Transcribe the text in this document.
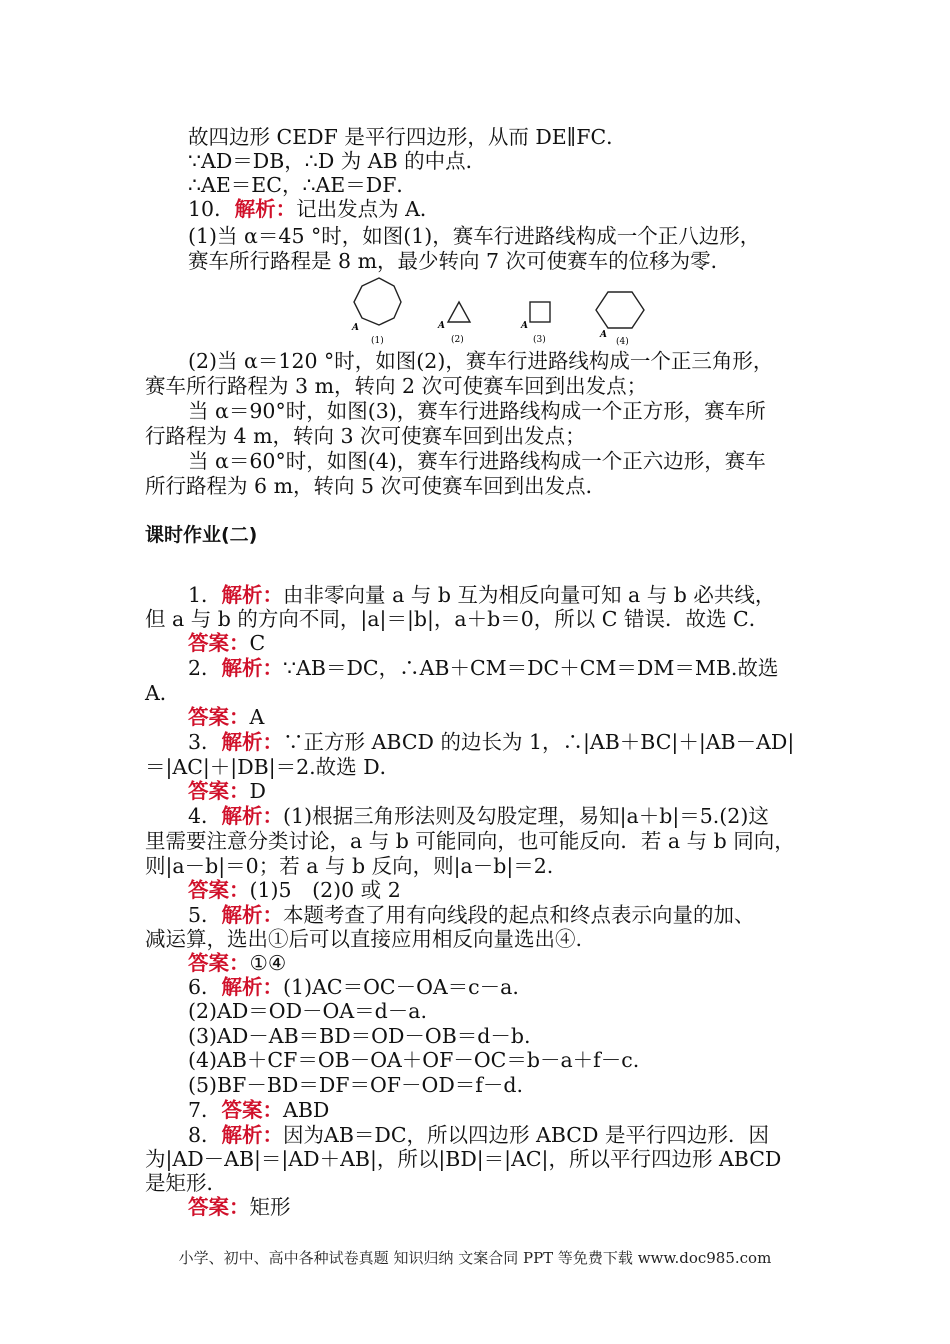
故四边形 CEDF 是平行四边形，从而 DE∥FC．
∵AD＝DB，∴D 为 AB 的中点．
∴AE＝EC，∴AE＝DF．
10．解析：记出发点为 A．
(1)当 α＝45 °时，如图(1)，赛车行进路线构成一个正八边形，
赛车所行路程是 8 m，最少转向 7 次可使赛车的位移为零．
(2)当 α＝120 °时，如图(2)，赛车行进路线构成一个正三角形，
赛车所行路程为 3 m，转向 2 次可使赛车回到出发点；
当 α＝90°时，如图(3)，赛车行进路线构成一个正方形，赛车所
行路程为 4 m，转向 3 次可使赛车回到出发点；
当 α＝60°时，如图(4)，赛车行进路线构成一个正六边形，赛车
所行路程为 6 m，转向 5 次可使赛车回到出发点．
1．解析：由非零向量 a 与 b 互为相反向量可知 a 与 b 必共线，
但 a 与 b 的方向不同，|a|＝|b|，a＋b＝0，所以 C 错误．故选 C．
答案：C
2．解析：∵AB＝DC，∴AB＋CM＝DC＋CM＝DM＝MB.故选
A．
答案：A
3．解析：∵正方形 ABCD 的边长为 1，∴|AB＋BC|＋|AB－AD|
＝|AC|＋|DB|＝2.故选 D．
答案：D
4．解析：(1)根据三角形法则及勾股定理，易知|a＋b|＝5.(2)这
里需要注意分类讨论，a 与 b 可能同向，也可能反向．若 a 与 b 同向，
则|a－b|＝0；若 a 与 b 反向，则|a－b|＝2.
答案：(1)5　(2)0 或 2
5．解析：本题考查了用有向线段的起点和终点表示向量的加、
减运算，选出①后可以直接应用相反向量选出④.
答案：①④
6．解析：(1)AC＝OC－OA＝c－a.
(2)AD＝OD－OA＝d－a.
(3)AD－AB＝BD＝OD－OB＝d－b.
(4)AB＋CF＝OB－OA＋OF－OC＝b－a＋f－c.
(5)BF－BD＝DF＝OF－OD＝f－d.
7．答案：ABD
8．解析：因为AB＝DC，所以四边形 ABCD 是平行四边形．因
为|AD－AB|＝|AD＋AB|，所以|BD|＝|AC|，所以平行四边形 ABCD
是矩形．
答案：矩形
课时作业(二)
A
(1)
A
(2)
A
(3)	A
(4)
小学、初中、高中各种试卷真题 知识归纳 文案合同 PPT 等免费下载 www.doc985.com
